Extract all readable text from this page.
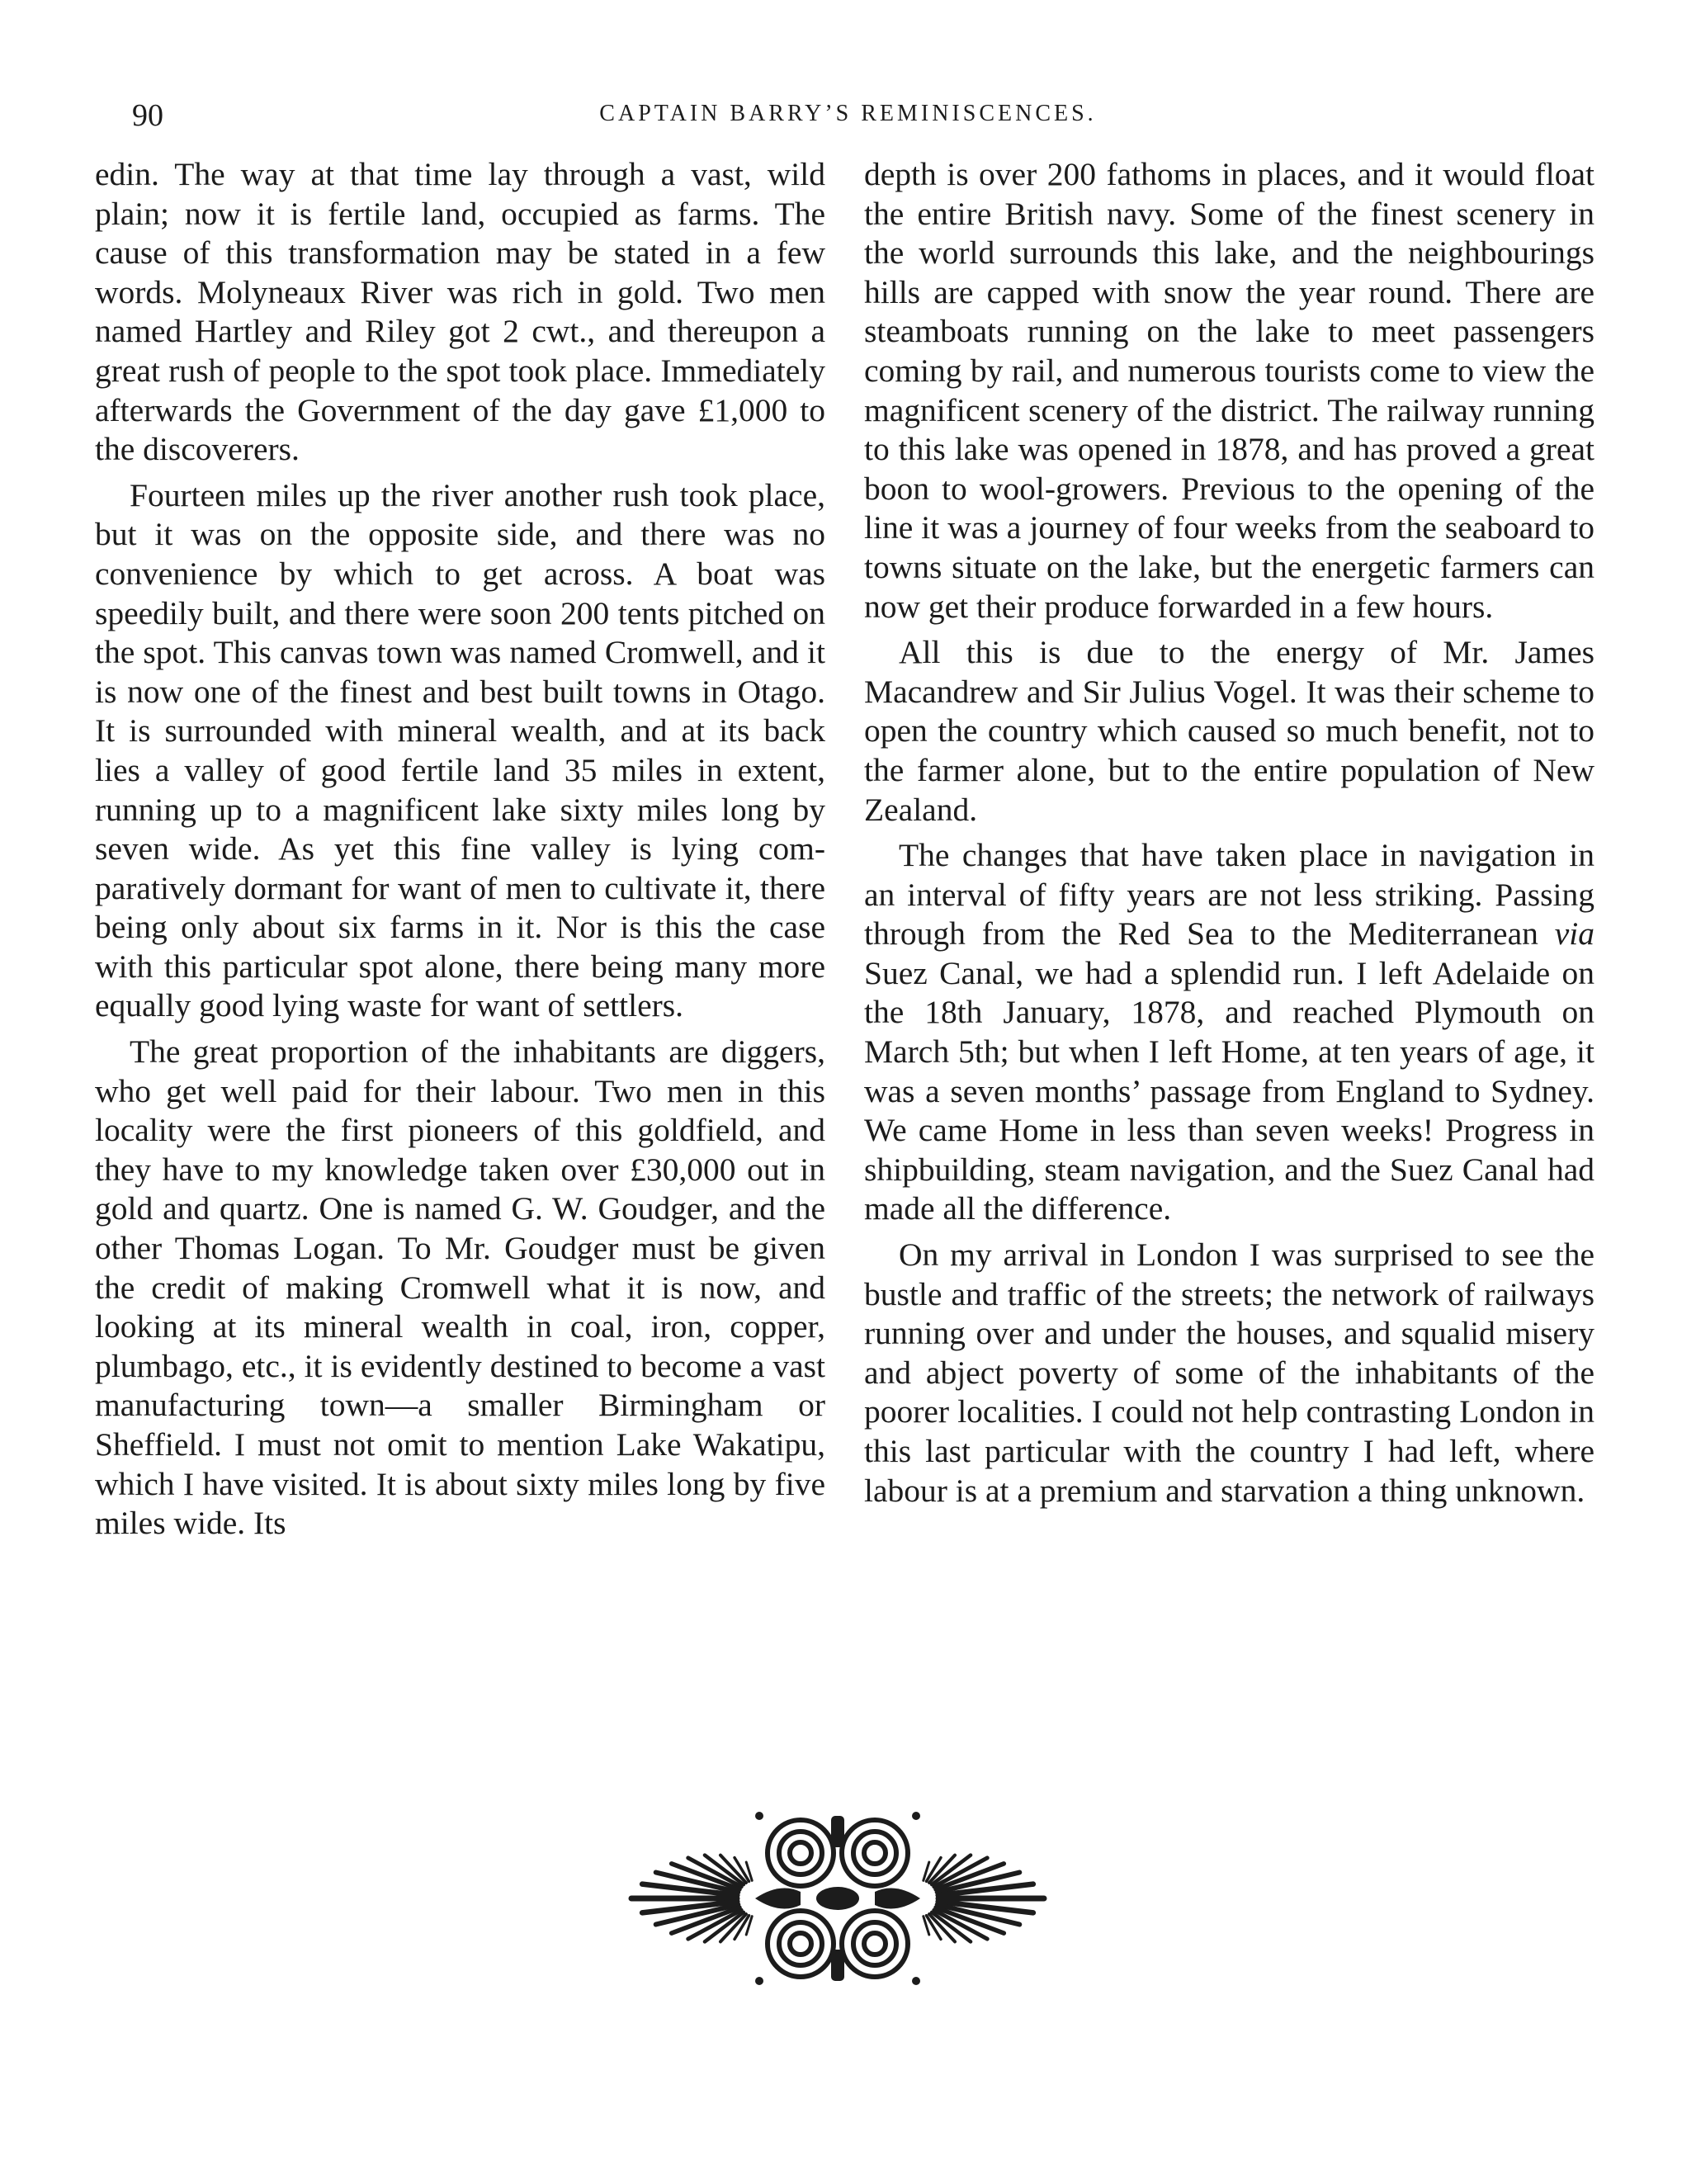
90	CAPTAIN BARRY’S REMINISCENCES.

edin. The way at that time lay through a vast, wild plain; now it is fertile land, occupied as farms. The cause of this transformation may be stated in a few words. Molyneaux River was rich in gold. Two men named Hartley and Riley got 2 cwt., and thereupon a great rush of people to the spot took place. Immediately afterwards the Government of the day gave £1,000 to the discoverers.

Fourteen miles up the river another rush took place, but it was on the opposite side, and there was no convenience by which to get across. A boat was speedily built, and there were soon 200 tents pitched on the spot. This canvas town was named Cromwell, and it is now one of the finest and best built towns in Otago. It is surrounded with mineral wealth, and at its back lies a valley of good fertile land 35 miles in extent, running up to a magnificent lake sixty miles long by seven wide. As yet this fine valley is lying comparatively dormant for want of men to cultivate it, there being only about six farms in it. Nor is this the case with this particular spot alone, there being many more equally good lying waste for want of settlers.

The great proportion of the inhabitants are diggers, who get well paid for their labour. Two men in this locality were the first pioneers of this goldfield, and they have to my knowledge taken over £30,000 out in gold and quartz. One is named G. W. Goudger, and the other Thomas Logan. To Mr. Goudger must be given the credit of making Cromwell what it is now, and looking at its mineral wealth in coal, iron, copper, plumbago, etc., it is evidently destined to become a vast manufacturing town—a smaller Birmingham or Sheffield. I must not omit to mention Lake Wakatipu, which I have visited. It is about sixty miles long by five miles wide. Its

depth is over 200 fathoms in places, and it would float the entire British navy. Some of the finest scenery in the world surrounds this lake, and the neighbourings hills are capped with snow the year round. There are steamboats running on the lake to meet passengers coming by rail, and numerous tourists come to view the magnificent scenery of the district. The railway running to this lake was opened in 1878, and has proved a great boon to wool-growers. Previous to the opening of the line it was a journey of four weeks from the seaboard to towns situate on the lake, but the energetic farmers can now get their produce forwarded in a few hours.

All this is due to the energy of Mr. James Macandrew and Sir Julius Vogel. It was their scheme to open the country which caused so much benefit, not to the farmer alone, but to the entire population of New Zealand.

The changes that have taken place in navigation in an interval of fifty years are not less striking. Passing through from the Red Sea to the Mediterranean via Suez Canal, we had a splendid run. I left Adelaide on the 18th January, 1878, and reached Plymouth on March 5th; but when I left Home, at ten years of age, it was a seven months’ passage from England to Sydney. We came Home in less than seven weeks! Progress in shipbuilding, steam navigation, and the Suez Canal had made all the difference.

On my arrival in London I was surprised to see the bustle and traffic of the streets; the network of railways running over and under the houses, and squalid misery and abject poverty of some of the inhabitants of the poorer localities. I could not help contrasting London in this last particular with the country I had left, where labour is at a premium and starvation a thing unknown.
